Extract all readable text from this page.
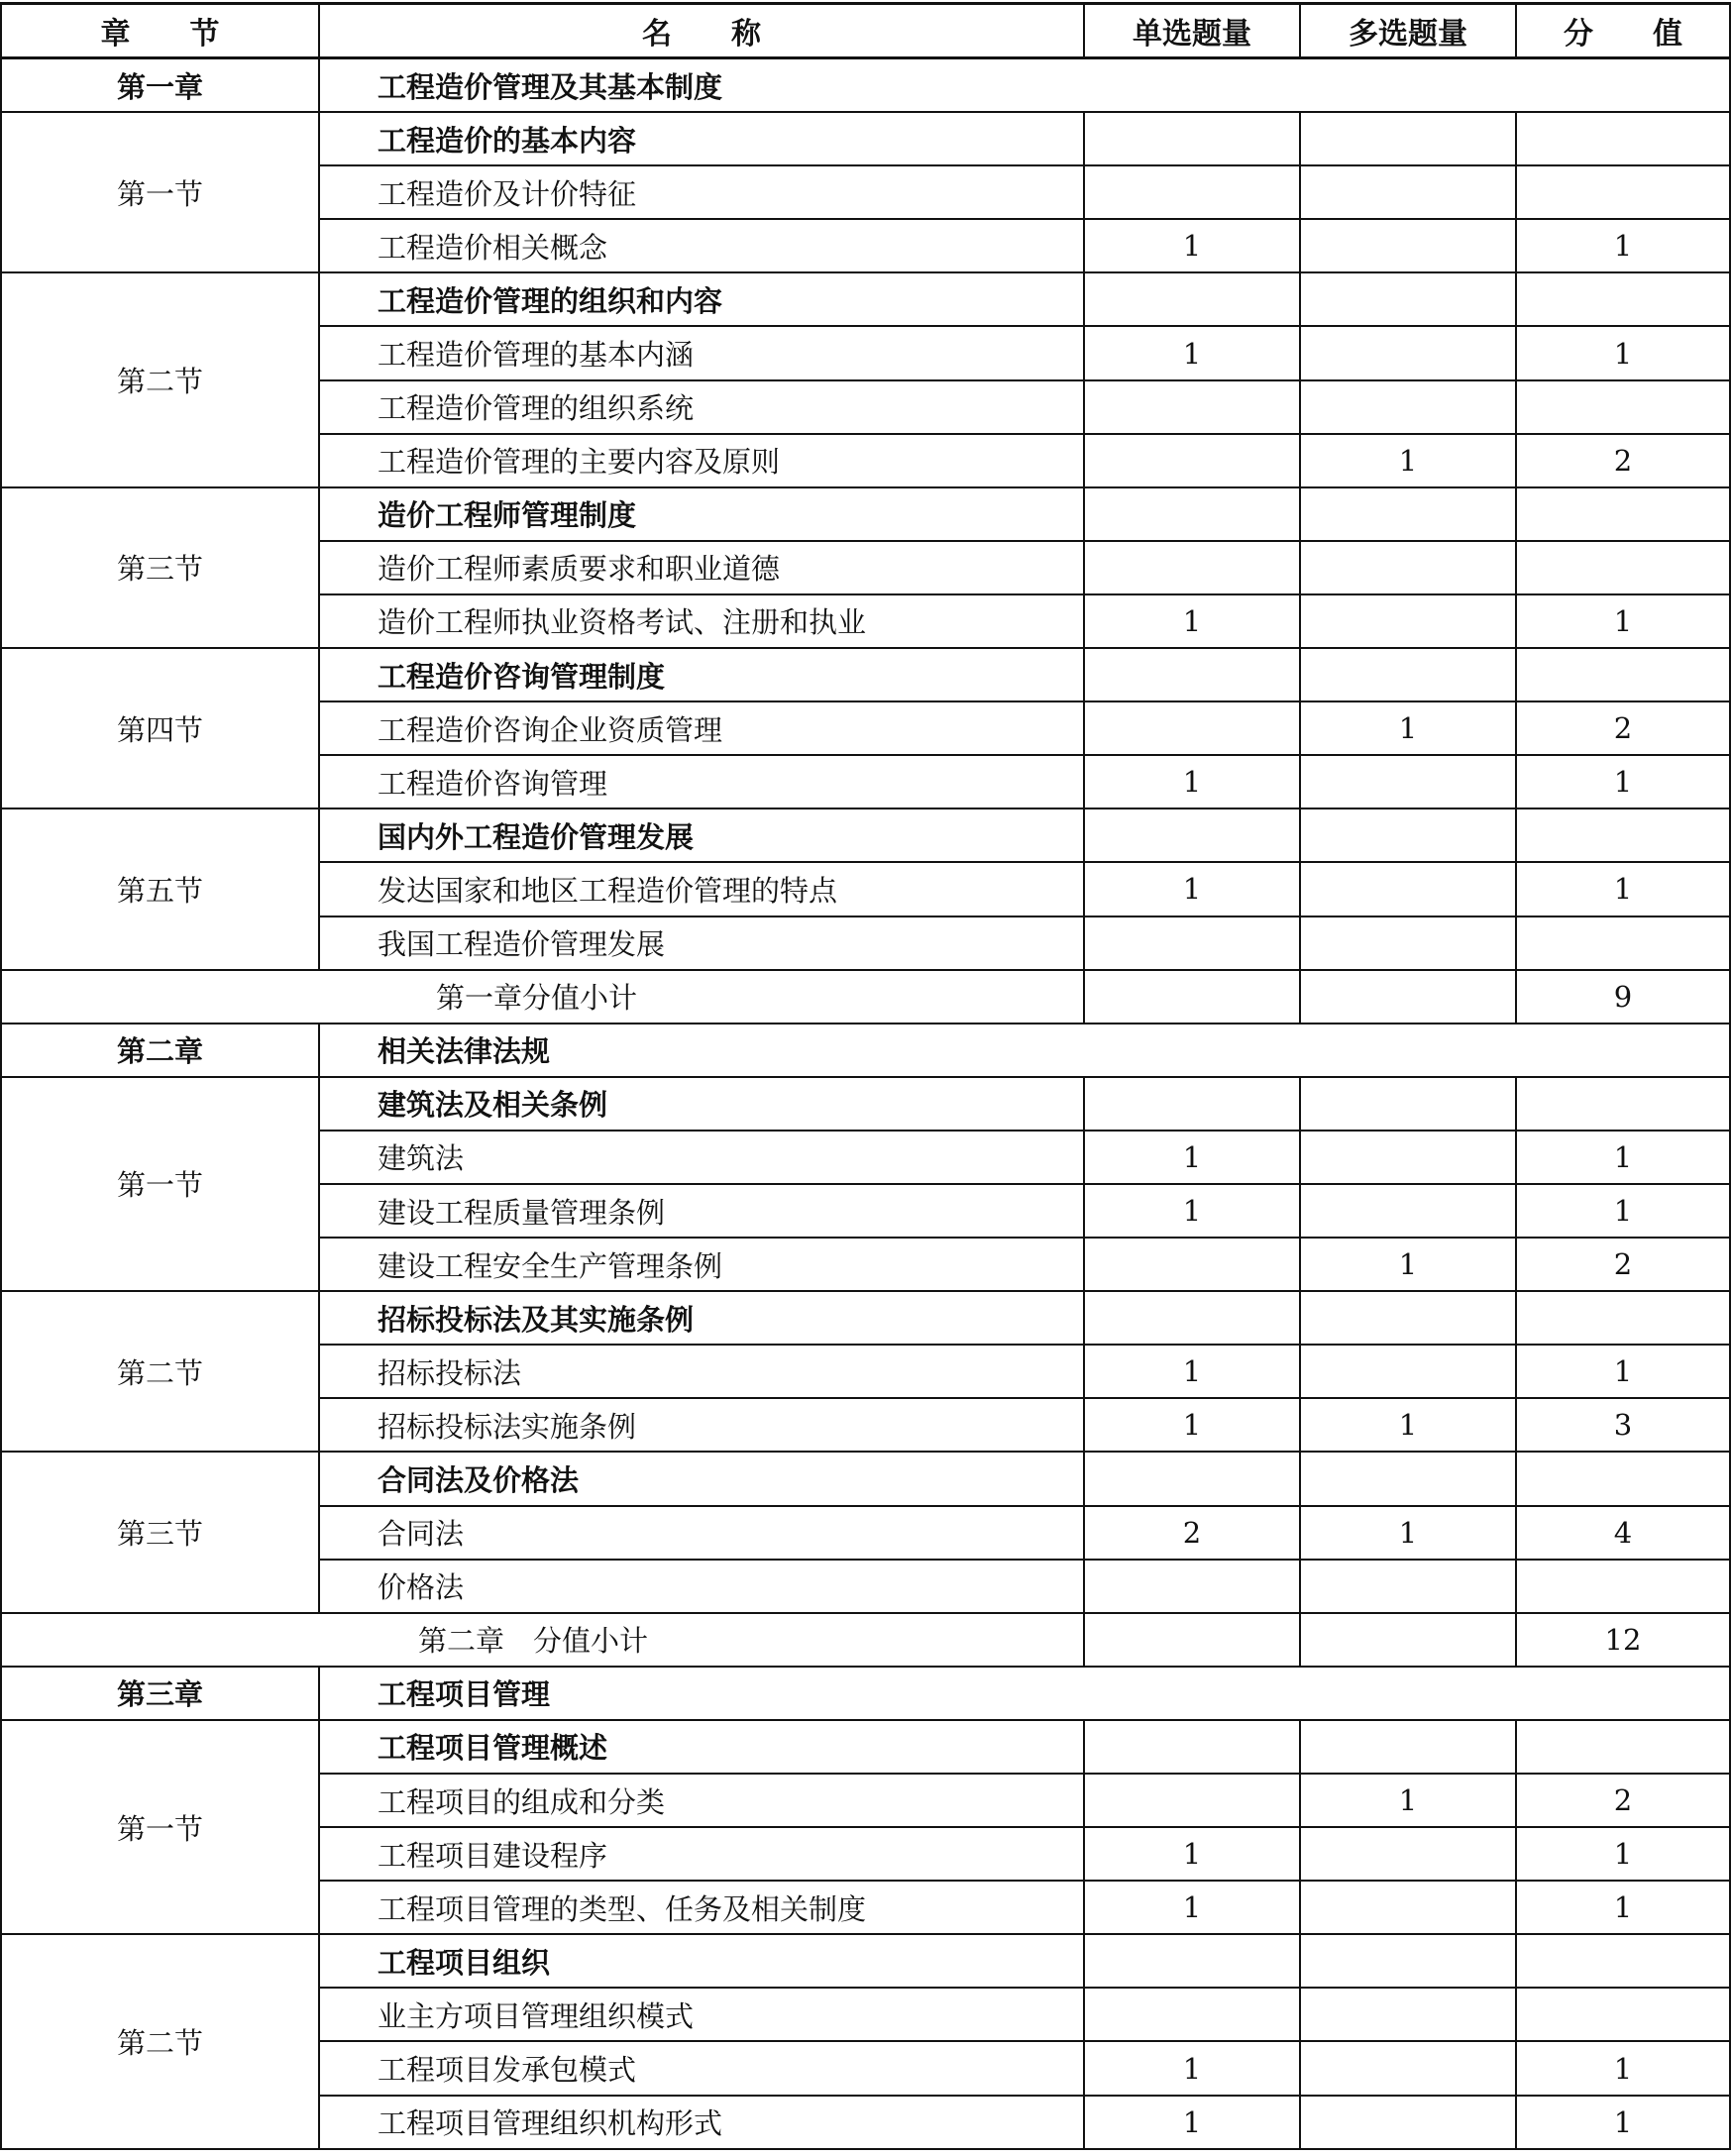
章　　节	名　　称	单选题量	多选题量	分　　值
第一章	工程造价管理及其基本制度			
第一节	工程造价的基本内容			
	工程造价及计价特征			
	工程造价相关概念	1		1
第二节	工程造价管理的组织和内容			
	工程造价管理的基本内涵	1		1
	工程造价管理的组织系统			
	工程造价管理的主要内容及原则		1	2
第三节	造价工程师管理制度			
	造价工程师素质要求和职业道德			
	造价工程师执业资格考试、注册和执业	1		1
第四节	工程造价咨询管理制度			
	工程造价咨询企业资质管理		1	2
	工程造价咨询管理	1		1
第五节	国内外工程造价管理发展			
	发达国家和地区工程造价管理的特点	1		1
	我国工程造价管理发展			
第一章分值小计				9
第二章	相关法律法规			
第一节	建筑法及相关条例			
	建筑法	1		1
	建设工程质量管理条例	1		1
	建设工程安全生产管理条例		1	2
第二节	招标投标法及其实施条例			
	招标投标法	1		1
	招标投标法实施条例	1	1	3
第三节	合同法及价格法			
	合同法	2	1	4
	价格法			
第二章　分值小计				12
第三章	工程项目管理			
第一节	工程项目管理概述			
	工程项目的组成和分类		1	2
	工程项目建设程序	1		1
	工程项目管理的类型、任务及相关制度	1		1
第二节	工程项目组织			
	业主方项目管理组织模式			
	工程项目发承包模式	1		1
	工程项目管理组织机构形式	1		1
